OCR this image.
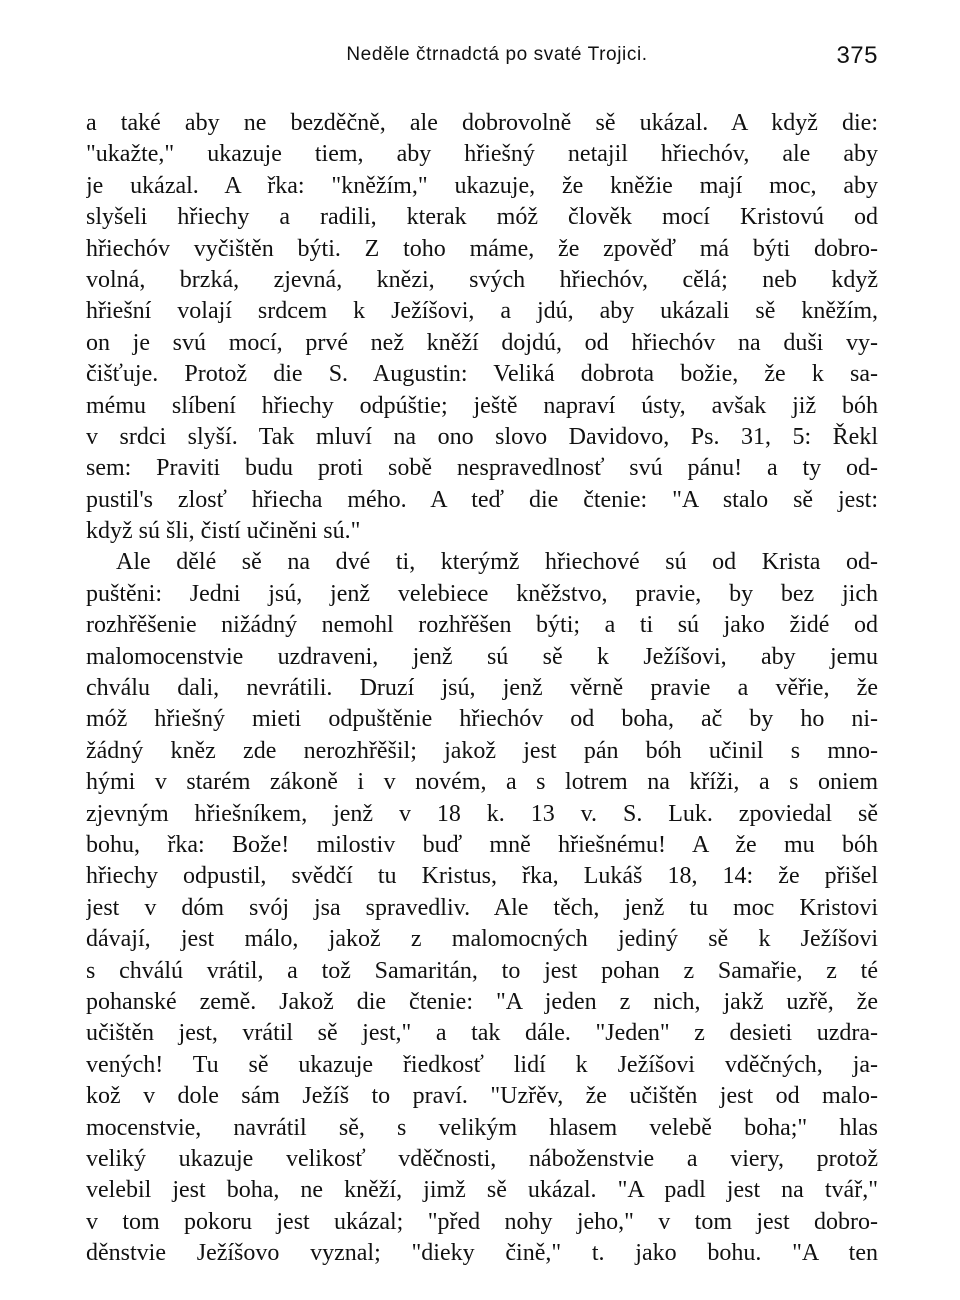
Neděle čtrnadctá po svaté Trojici.	375
a také aby ne bezděčně, ale dobrovolně sě ukázal. A když die:
"ukažte," ukazuje tiem, aby hřiešný netajil hřiechóv, ale aby
je ukázal. A řka: "kněžím," ukazuje, že kněžie mají moc, aby
slyšeli hřiechy a radili, kterak móž člověk mocí Kristovú od
hřiechóv vyčištěn býti. Z toho máme, že zpověď má býti dobro-
volná, brzká, zjevná, knězi, svých hřiechóv, cělá; neb když
hřiešní volají srdcem k Ježíšovi, a jdú, aby ukázali sě kněžím,
on je svú mocí, prvé než kněží dojdú, od hřiechóv na duši vy-
čišťuje. Protož die S. Augustin: Veliká dobrota božie, že k sa-
mému slíbení hřiechy odpúštie; ještě napraví ústy, avšak již bóh
v srdci slyší. Tak mluví na ono slovo Davidovo, Ps. 31, 5: Řekl
sem: Praviti budu proti sobě nespravedlnosť svú pánu! a ty od-
pustil's zlosť hřiecha mého. A teď die čtenie: "A stalo sě jest:
když sú šli, čistí učiněni sú."
Ale dělé sě na dvé ti, kterýmž hřiechové sú od Krista od-
puštěni: Jedni jsú, jenž velebiece kněžstvo, pravie, by bez jich
rozhřěšenie nižádný nemohl rozhřěšen býti; a ti sú jako židé od
malomocenstvie uzdraveni, jenž sú sě k Ježíšovi, aby jemu
chválu dali, nevrátili. Druzí jsú, jenž věrně pravie a věřie, že
móž hřiešný mieti odpuštěnie hřiechóv od boha, ač by ho ni-
žádný kněz zde nerozhřěšil; jakož jest pán bóh učinil s mno-
hými v starém zákoně i v novém, a s lotrem na kříži, a s oniem
zjevným hřiešníkem, jenž v 18 k. 13 v. S. Luk. zpoviedal sě
bohu, řka: Bože! milostiv buď mně hřiešnému! A že mu bóh
hřiechy odpustil, svědčí tu Kristus, řka, Lukáš 18, 14: že přišel
jest v dóm svój jsa spravedliv. Ale těch, jenž tu moc Kristovi
dávají, jest málo, jakož z malomocných jediný sě k Ježíšovi
s chválú vrátil, a tož Samaritán, to jest pohan z Samařie, z té
pohanské země. Jakož die čtenie: "A jeden z nich, jakž uzřě, že
učištěn jest, vrátil sě jest," a tak dále. "Jeden" z desieti uzdra-
vených! Tu sě ukazuje řiedkosť lidí k Ježíšovi vděčných, ja-
kož v dole sám Ježíš to praví. "Uzřěv, že učištěn jest od malo-
mocenstvie, navrátil sě, s velikým hlasem velebě boha;" hlas
veliký ukazuje velikosť vděčnosti, náboženstvie a viery, protož
velebil jest boha, ne kněží, jimž sě ukázal. "A padl jest na tvář,"
v tom pokoru jest ukázal; "před nohy jeho," v tom jest dobro-
děnstvie Ježíšovo vyznal; "dieky čině," t. jako bohu. "A ten
